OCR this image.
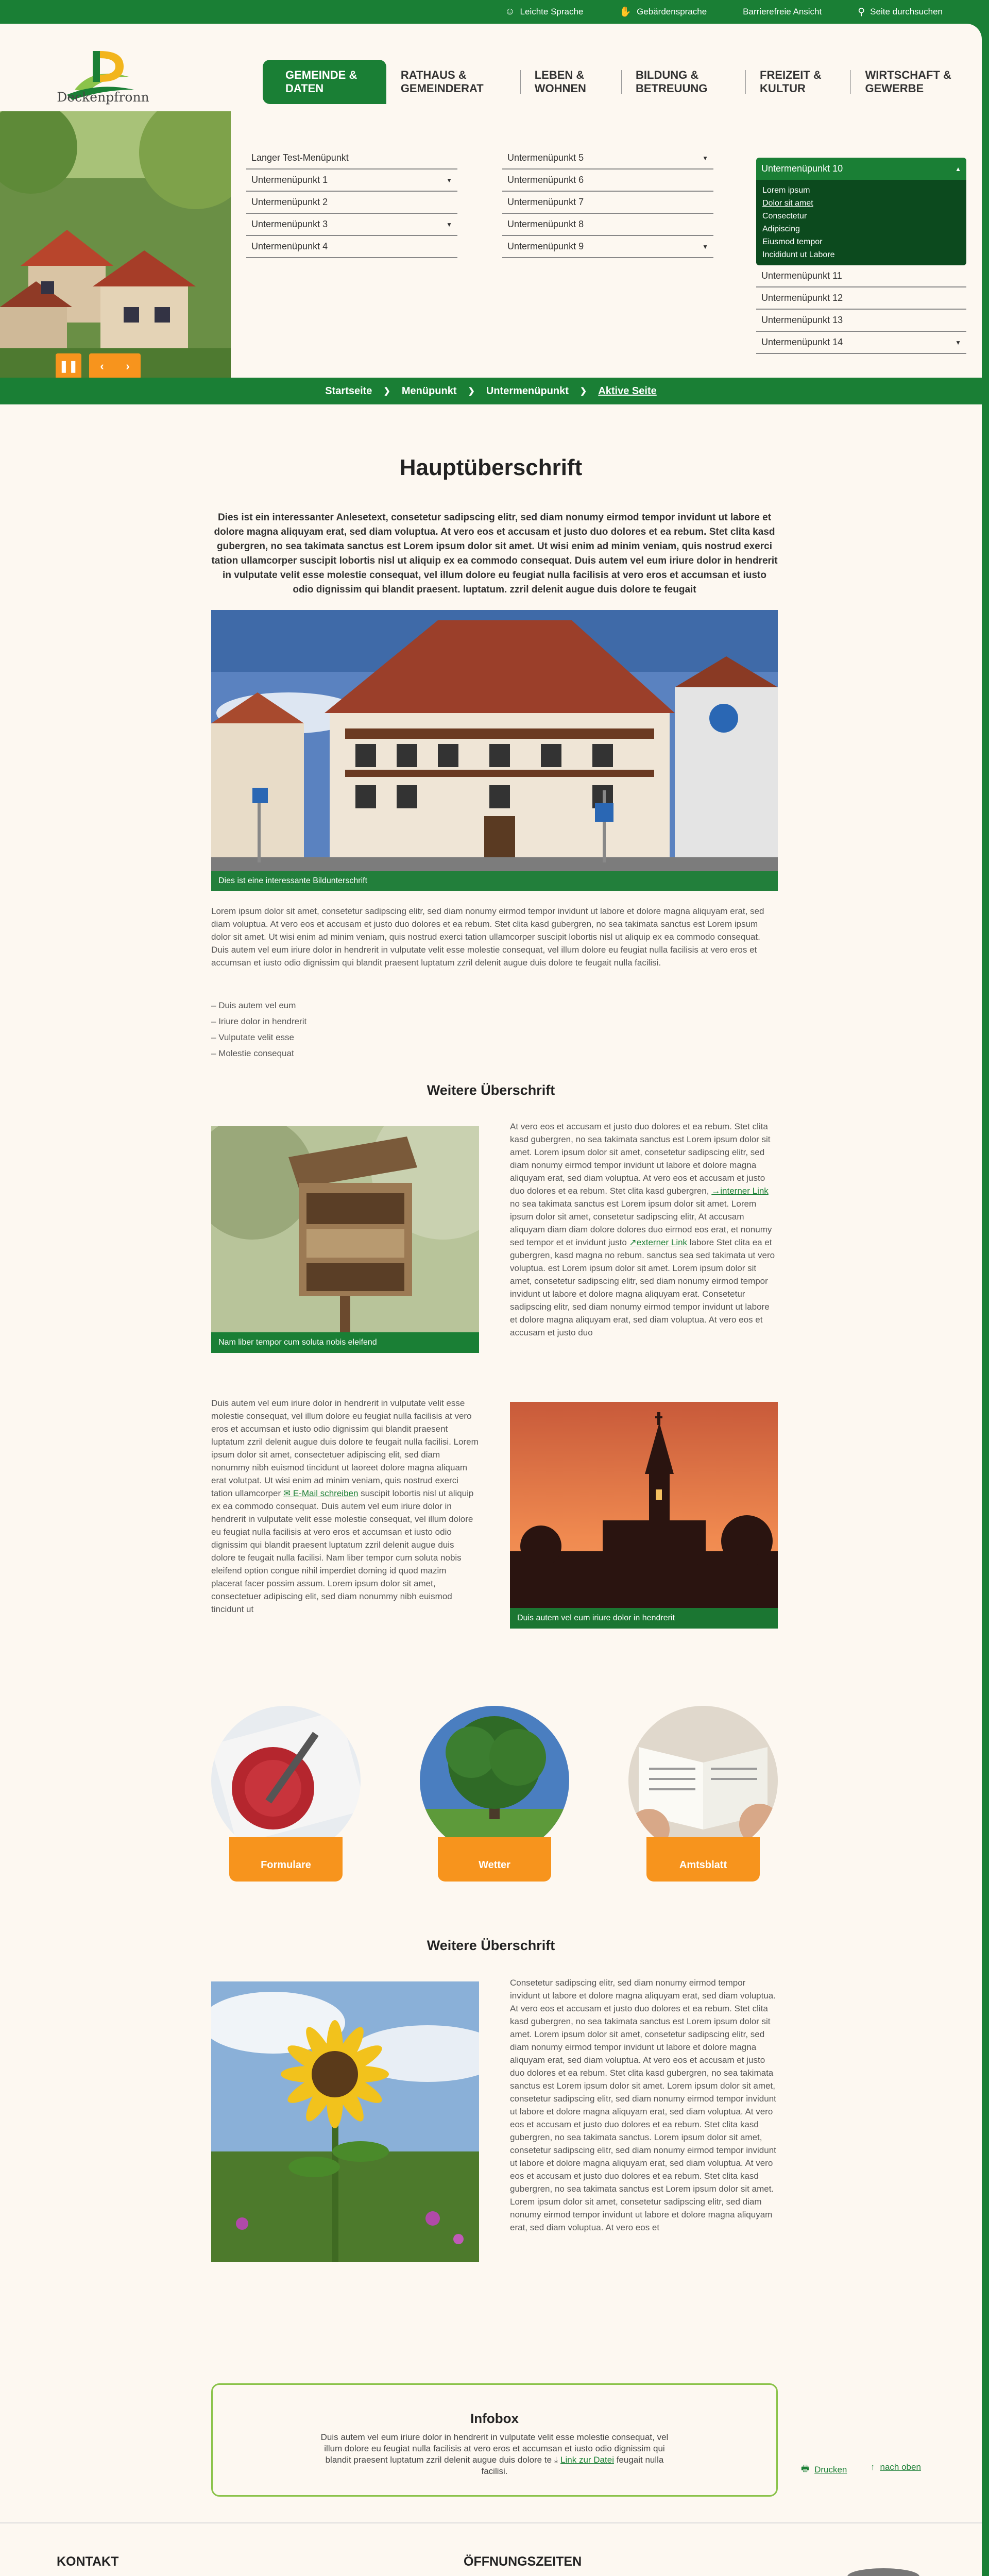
☺ Leichte Sprache	✋ Gebärdensprache	Barrierefreie Ansicht	⚲ Seite durchsuchen
Deckenpfronn
GEMEINDE & DATEN
RATHAUS & GEMEINDERAT
LEBEN & WOHNEN
BILDUNG & BETREUUNG
FREIZEIT & KULTUR
WIRTSCHAFT & GEWERBE
❚❚ ‹ ›
Langer Test-Menüpunkt
Untermenüpunkt 1	▼
Untermenüpunkt 2
Untermenüpunkt 3	▼
Untermenüpunkt 4
Untermenüpunkt 5	▼
Untermenüpunkt 6
Untermenüpunkt 7
Untermenüpunkt 8
Untermenüpunkt 9	▼
Untermenüpunkt 10	▲
Lorem ipsum
Dolor sit amet
Consectetur
Adipiscing
Eiusmod tempor
Incididunt ut Labore
Untermenüpunkt 11
Untermenüpunkt 12
Untermenüpunkt 13
Untermenüpunkt 14	▼
Startseite ❯ Menüpunkt ❯ Untermenüpunkt ❯ Aktive Seite
Hauptüberschrift
Dies ist ein interessanter Anlesetext, consetetur sadipscing elitr, sed diam nonumy eirmod tempor invidunt ut labore et dolore magna aliquyam erat, sed diam voluptua. At vero eos et accusam et justo duo dolores et ea rebum. Stet clita kasd gubergren, no sea takimata sanctus est Lorem ipsum dolor sit amet. Ut wisi enim ad minim veniam, quis nostrud exerci tation ullamcorper suscipit lobortis nisl ut aliquip ex ea commodo consequat. Duis autem vel eum iriure dolor in hendrerit in vulputate velit esse molestie consequat, vel illum dolore eu feugiat nulla facilisis at vero eros et accumsan et iusto odio dignissim qui blandit praesent. luptatum. zzril delenit augue duis dolore te feugait
Dies ist eine interessante Bildunterschrift
Lorem ipsum dolor sit amet, consetetur sadipscing elitr, sed diam nonumy eirmod tempor invidunt ut labore et dolore magna aliquyam erat, sed diam voluptua. At vero eos et accusam et justo duo dolores et ea rebum. Stet clita kasd gubergren, no sea takimata sanctus est Lorem ipsum dolor sit amet. Ut wisi enim ad minim veniam, quis nostrud exerci tation ullamcorper suscipit lobortis nisl ut aliquip ex ea commodo consequat. Duis autem vel eum iriure dolor in hendrerit in vulputate velit esse molestie consequat, vel illum dolore eu feugiat nulla facilisis at vero eros et accumsan et iusto odio dignissim qui blandit praesent luptatum zzril delenit augue duis dolore te feugait nulla facilisi.
– Duis autem vel eum
– Iriure dolor in hendrerit
– Vulputate velit esse
– Molestie consequat
Weitere Überschrift
Nam liber tempor cum soluta nobis eleifend
At vero eos et accusam et justo duo dolores et ea rebum. Stet clita kasd gubergren, no sea takimata sanctus est Lorem ipsum dolor sit amet. Lorem ipsum dolor sit amet, consetetur sadipscing elitr, sed diam nonumy eirmod tempor invidunt ut labore et dolore magna aliquyam erat, sed diam voluptua. At vero eos et accusam et justo duo dolores et ea rebum. Stet clita kasd gubergren, →interner Link no sea takimata sanctus est Lorem ipsum dolor sit amet. Lorem ipsum dolor sit amet, consetetur sadipscing elitr, At accusam aliquyam diam diam dolore dolores duo eirmod eos erat, et nonumy sed tempor et et invidunt justo ↗externer Link labore Stet clita ea et gubergren, kasd magna no rebum. sanctus sea sed takimata ut vero voluptua. est Lorem ipsum dolor sit amet. Lorem ipsum dolor sit amet, consetetur sadipscing elitr, sed diam nonumy eirmod tempor invidunt ut labore et dolore magna aliquyam erat. Consetetur sadipscing elitr, sed diam nonumy eirmod tempor invidunt ut labore et dolore magna aliquyam erat, sed diam voluptua. At vero eos et accusam et justo duo
Duis autem vel eum iriure dolor in hendrerit in vulputate velit esse molestie consequat, vel illum dolore eu feugiat nulla facilisis at vero eros et accumsan et iusto odio dignissim qui blandit praesent luptatum zzril delenit augue duis dolore te feugait nulla facilisi. Lorem ipsum dolor sit amet, consectetuer adipiscing elit, sed diam nonummy nibh euismod tincidunt ut laoreet dolore magna aliquam erat volutpat. Ut wisi enim ad minim veniam, quis nostrud exerci tation ullamcorper ✉ E-Mail schreiben suscipit lobortis nisl ut aliquip ex ea commodo consequat. Duis autem vel eum iriure dolor in hendrerit in vulputate velit esse molestie consequat, vel illum dolore eu feugiat nulla facilisis at vero eros et accumsan et iusto odio dignissim qui blandit praesent luptatum zzril delenit augue duis dolore te feugait nulla facilisi. Nam liber tempor cum soluta nobis eleifend option congue nihil imperdiet doming id quod mazim placerat facer possim assum. Lorem ipsum dolor sit amet, consectetuer adipiscing elit, sed diam nonummy nibh euismod tincidunt ut
Duis autem vel eum iriure dolor in hendrerit
Formulare	Wetter	Amtsblatt
Weitere Überschrift
Consetetur sadipscing elitr, sed diam nonumy eirmod tempor invidunt ut labore et dolore magna aliquyam erat, sed diam voluptua. At vero eos et accusam et justo duo dolores et ea rebum. Stet clita kasd gubergren, no sea takimata sanctus est Lorem ipsum dolor sit amet. Lorem ipsum dolor sit amet, consetetur sadipscing elitr, sed diam nonumy eirmod tempor invidunt ut labore et dolore magna aliquyam erat, sed diam voluptua. At vero eos et accusam et justo duo dolores et ea rebum. Stet clita kasd gubergren, no sea takimata sanctus est Lorem ipsum dolor sit amet. Lorem ipsum dolor sit amet, consetetur sadipscing elitr, sed diam nonumy eirmod tempor invidunt ut labore et dolore magna aliquyam erat, sed diam voluptua. At vero eos et accusam et justo duo dolores et ea rebum. Stet clita kasd gubergren, no sea takimata sanctus. Lorem ipsum dolor sit amet, consetetur sadipscing elitr, sed diam nonumy eirmod tempor invidunt ut labore et dolore magna aliquyam erat, sed diam voluptua. At vero eos et accusam et justo duo dolores et ea rebum. Stet clita kasd gubergren, no sea takimata sanctus est Lorem ipsum dolor sit amet. Lorem ipsum dolor sit amet, consetetur sadipscing elitr, sed diam nonumy eirmod tempor invidunt ut labore et dolore magna aliquyam erat, sed diam voluptua. At vero eos et
Infobox
Duis autem vel eum iriure dolor in hendrerit in vulputate velit esse molestie consequat, vel illum dolore eu feugiat nulla facilisis at vero eros et accumsan et iusto odio dignissim qui blandit praesent luptatum zzril delenit augue duis dolore te ⤓ Link zur Datei feugait nulla facilisi.	🖶 Drucken	↑ nach oben
KONTAKT	ÖFFNUNGSZEITEN
